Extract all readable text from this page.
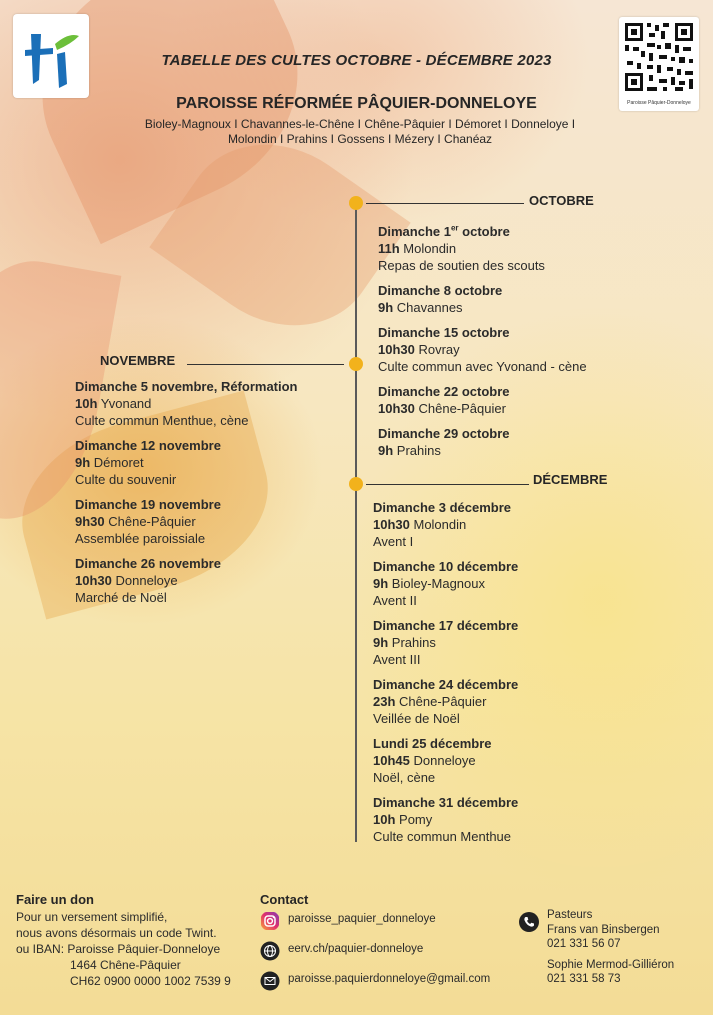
Paroisse Pâquier-Donneloye
TABELLE DES CULTES OCTOBRE - DÉCEMBRE 2023
PAROISSE RÉFORMÉE PÂQUIER-DONNELOYE
Bioley-Magnoux I Chavannes-le-Chêne I Chêne-Pâquier I Démoret I Donneloye I
Molondin I Prahins I Gossens I Mézery I Chanéaz
OCTOBRE
NOVEMBRE
DÉCEMBRE
Dimanche 1er octobre
11h Molondin
Repas de soutien des scouts
Dimanche 8 octobre
9h Chavannes
Dimanche 15 octobre
10h30 Rovray
Culte commun avec Yvonand - cène
Dimanche 22 octobre
10h30 Chêne-Pâquier
Dimanche 29 octobre
9h Prahins
Dimanche 5 novembre, Réformation
10h Yvonand
Culte commun Menthue, cène
Dimanche 12 novembre
9h Démoret
Culte du souvenir
Dimanche 19 novembre
9h30 Chêne-Pâquier
Assemblée paroissiale
Dimanche 26 novembre
10h30 Donneloye
Marché de Noël
Dimanche 3 décembre
10h30 Molondin
Avent I
Dimanche 10 décembre
9h Bioley-Magnoux
Avent II
Dimanche 17 décembre
9h Prahins
Avent III
Dimanche 24 décembre
23h Chêne-Pâquier
Veillée de Noël
Lundi 25 décembre
10h45 Donneloye
Noël, cène
Dimanche 31 décembre
10h Pomy
Culte commun Menthue
Faire un don
Pour un versement simplifié,
nous avons désormais un code Twint.
ou IBAN: Paroisse Pâquier-Donneloye
1464 Chêne-Pâquier
CH62 0900 0000 1002 7539 9
Contact
paroisse_paquier_donneloye
eerv.ch/paquier-donneloye
paroisse.paquierdonneloye@gmail.com
Pasteurs
Frans van Binsbergen
021 331 56 07
Sophie Mermod-Gilliéron
021 331 58 73
